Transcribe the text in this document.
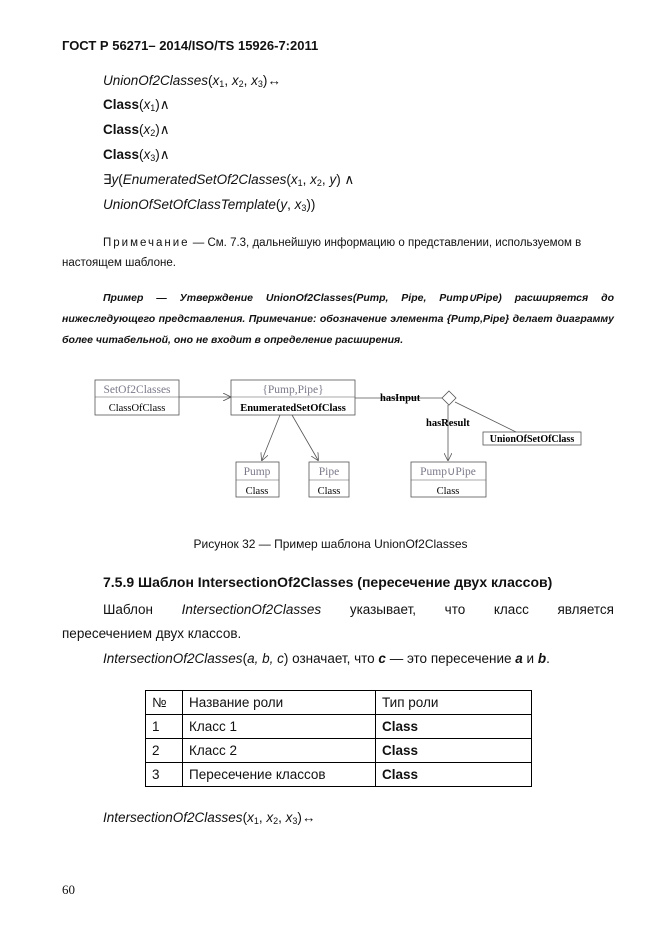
ГОСТ Р 56271– 2014/ISO/TS 15926-7:2011
$UnionOf2Classes(x_1$, $x_2$, $x_3)\leftrightarrow$
$Class(x_1)\wedge$
$Class(x_2)\wedge$
$Class(x_3)\wedge$
$\exists y(EnumeratedSetOf2Classes(x_1$, $x_2$, y) ∧
UnionOfSetOfClassTemplate(y, $x_3$))
Примечание — См. 7.3, дальнейшую информацию о представлении, используемом в настоящем шаблоне.
Пример — Утверждение UnionOf2Classes(Pump, Pipe, Pump∪Pipe) расширяется до нижеследующего представления. Примечание: обозначение элемента {Pump,Pipe} делает диаграмму более читабельной, оно не входит в определение расширения.
SetOf2Classes
ClassOfClass
{Pump,Pipe}
EnumeratedSetOfClass
hasInput
UnionOfSetOfClass
hasResult
Pump
Class
Pipe
Class
Pump∪Pipe
Class
Рисунок 32 — Пример шаблона UnionOf2Classes
7.5.9 Шаблон IntersectionOf2Classes (пересечение двух классов)
Шаблон IntersectionOf2Classes указывает, что класс является
пересечением двух классов.
IntersectionOf2Classes(a, b, c) означает, что c — это пересечение a и b.
№	Название роли	Тип роли
1	Класс 1	Class
2	Класс 2	Class
3	Пересечение классов	Class
$IntersectionOf2Classes(x_1$, $x_2$, $x_3)\leftrightarrow$
60
